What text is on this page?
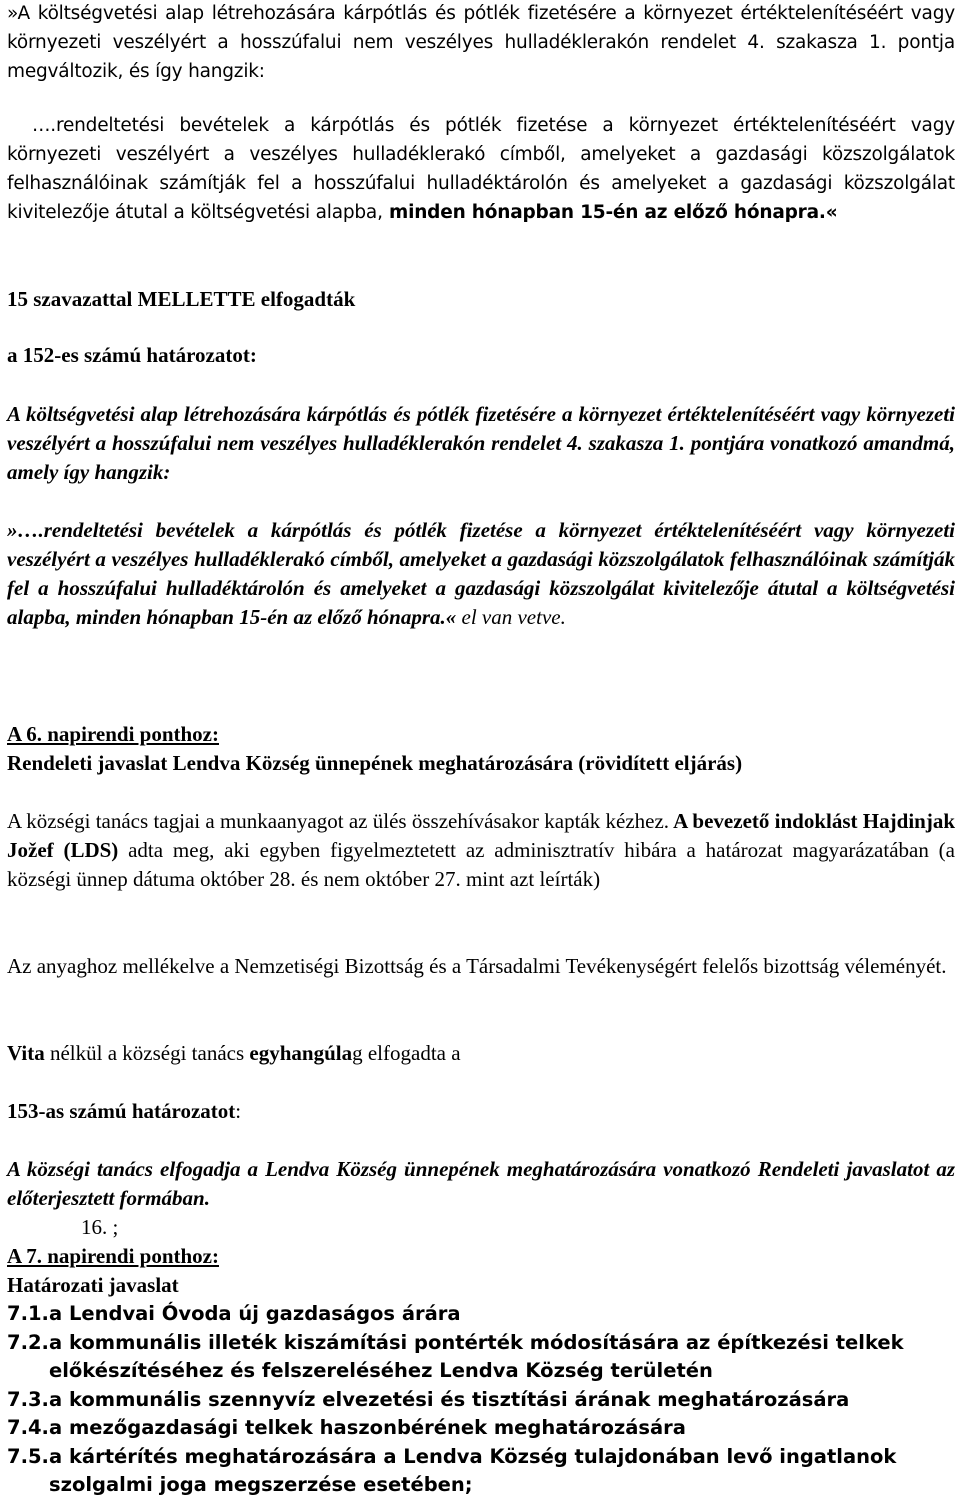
»A költségvetési alap létrehozására kárpótlás és pótlék fizetésére a környezet értéktelenítéséért vagy környezeti veszélyért a hosszúfalui nem veszélyes hulladéklerakón rendelet 4. szakasza 1. pontja megváltozik, és így hangzik:

….rendeltetési bevételek a kárpótlás és pótlék fizetése a környezet értéktelenítéséért vagy környezeti veszélyért a veszélyes hulladéklerakó címből, amelyeket a gazdasági közszolgálatok felhasználóinak számítják fel a hosszúfalui hulladéktárolón és amelyeket a gazdasági közszolgálat kivitelezője átutal a költségvetési alapba, minden hónapban 15-én az előző hónapra.«

15 szavazattal MELLETTE elfogadták

a 152-es számú határozatot:

A költségvetési alap létrehozására kárpótlás és pótlék fizetésére a környezet értéktelenítéséért vagy környezeti veszélyért a hosszúfalui nem veszélyes hulladéklerakón rendelet 4. szakasza 1. pontjára vonatkozó amandmá, amely így hangzik:

»….rendeltetési bevételek a kárpótlás és pótlék fizetése a környezet értéktelenítéséért vagy környezeti veszélyért a veszélyes hulladéklerakó címből, amelyeket a gazdasági közszolgálatok felhasználóinak számítják fel a hosszúfalui hulladéktárolón és amelyeket a gazdasági közszolgálat kivitelezője átutal a költségvetési alapba, minden hónapban 15-én az előző hónapra.« el van vetve.

A 6. napirendi ponthoz:

Rendeleti javaslat Lendva Község ünnepének meghatározására (rövidített eljárás)

A községi tanács tagjai a munkaanyagot az ülés összehívásakor kapták kézhez. A bevezető indoklást Hajdinjak Jožef (LDS) adta meg, aki egyben figyelmeztetett az adminisztratív hibára a határozat magyarázatában (a községi ünnep dátuma október 28. és nem október 27. mint azt leírták)

Az anyaghoz mellékelve a Nemzetiségi Bizottság és a Társadalmi Tevékenységért felelős bizottság véleményét.

Vita nélkül a községi tanács egyhangúlag elfogadta a

153-as számú határozatot:

A községi tanács elfogadja a Lendva Község ünnepének meghatározására vonatkozó Rendeleti javaslatot az előterjesztett formában.

16. ;

A 7. napirendi ponthoz:

Határozati javaslat

7.1. a Lendvai Óvoda új gazdaságos árára
7.2. a kommunális illeték kiszámítási pontérték módosítására az építkezési telkek előkészítéséhez és felszereléséhez Lendva Község területén
7.3. a kommunális szennyvíz elvezetési és tisztítási árának meghatározására
7.4. a mezőgazdasági telkek haszonbérének meghatározására
7.5. a kártérítés meghatározására a Lendva Község tulajdonában levő ingatlanok szolgalmi joga megszerzése esetében;
